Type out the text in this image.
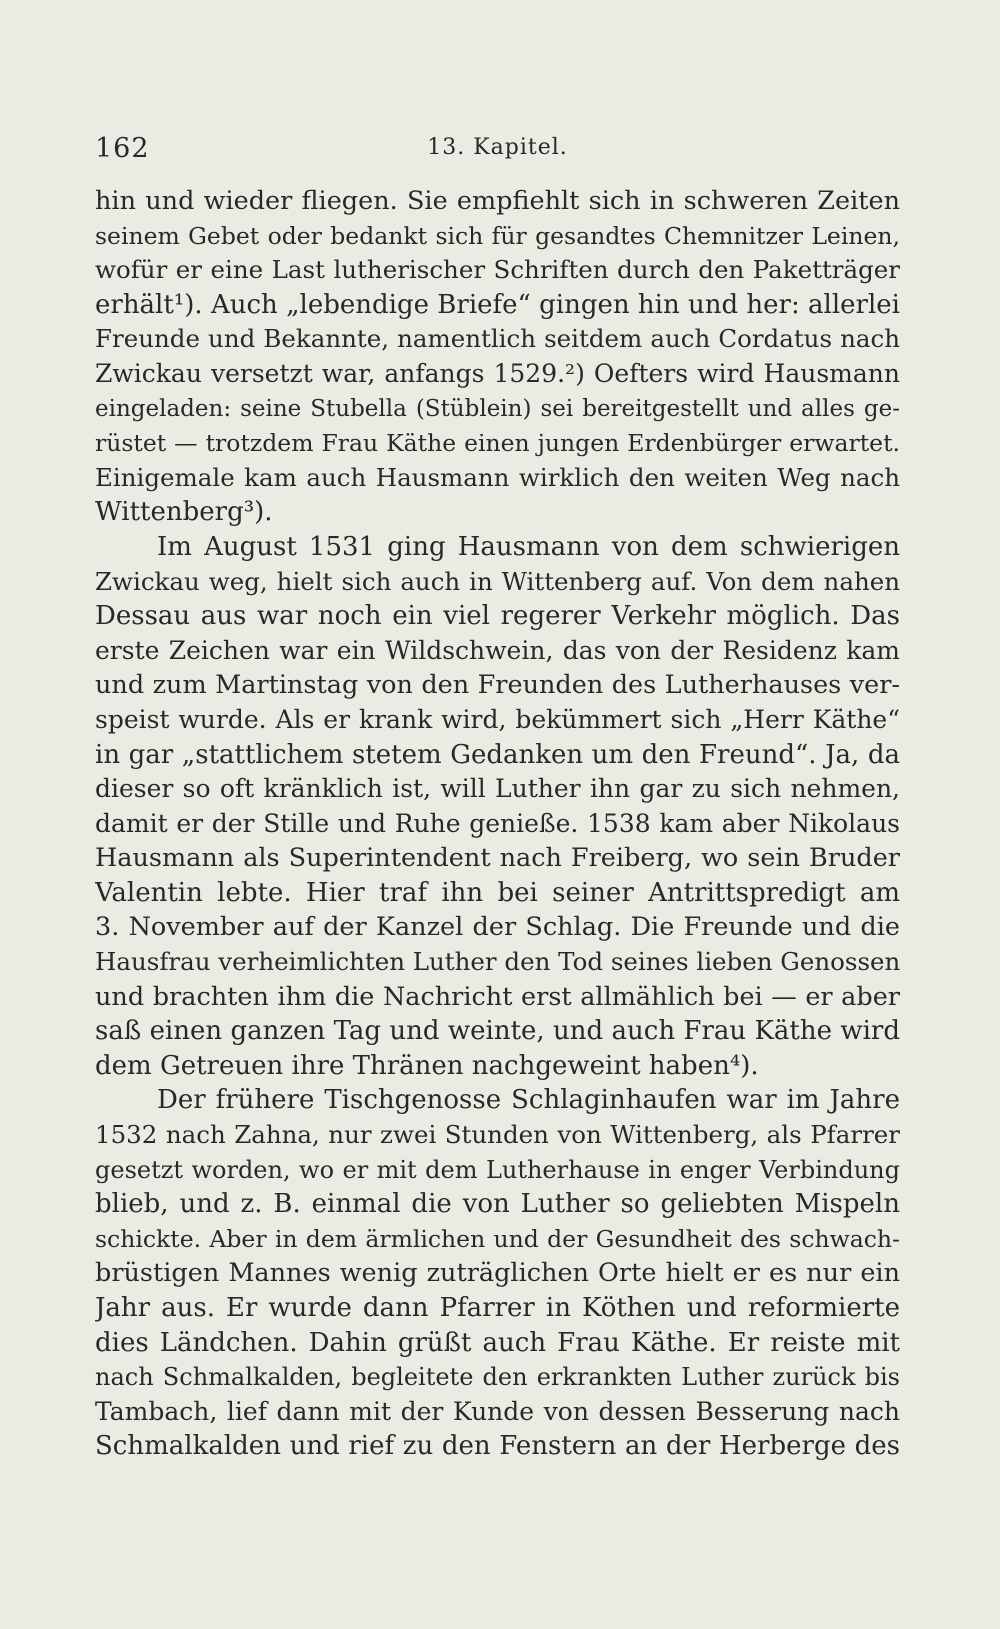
162	13. Kapitel.
hin und wieder fliegen. Sie empfiehlt sich in schweren Zeiten
seinem Gebet oder bedankt sich für gesandtes Chemnitzer Leinen,
wofür er eine Last lutherischer Schriften durch den Paketträger
erhält¹). Auch „lebendige Briefe“ gingen hin und her: allerlei
Freunde und Bekannte, namentlich seitdem auch Cordatus nach
Zwickau versetzt war, anfangs 1529.²) Oefters wird Hausmann
eingeladen: seine Stubella (Stüblein) sei bereitgestellt und alles ge-
rüstet — trotzdem Frau Käthe einen jungen Erdenbürger erwartet.
Einigemale kam auch Hausmann wirklich den weiten Weg nach
Wittenberg³).
Im August 1531 ging Hausmann von dem schwierigen
Zwickau weg, hielt sich auch in Wittenberg auf. Von dem nahen
Dessau aus war noch ein viel regerer Verkehr möglich. Das
erste Zeichen war ein Wildschwein, das von der Residenz kam
und zum Martinstag von den Freunden des Lutherhauses ver-
speist wurde. Als er krank wird, bekümmert sich „Herr Käthe“
in gar „stattlichem stetem Gedanken um den Freund“. Ja, da
dieser so oft kränklich ist, will Luther ihn gar zu sich nehmen,
damit er der Stille und Ruhe genieße. 1538 kam aber Nikolaus
Hausmann als Superintendent nach Freiberg, wo sein Bruder
Valentin lebte. Hier traf ihn bei seiner Antrittspredigt am
3. November auf der Kanzel der Schlag. Die Freunde und die
Hausfrau verheimlichten Luther den Tod seines lieben Genossen
und brachten ihm die Nachricht erst allmählich bei — er aber
saß einen ganzen Tag und weinte, und auch Frau Käthe wird
dem Getreuen ihre Thränen nachgeweint haben⁴).
Der frühere Tischgenosse Schlaginhaufen war im Jahre
1532 nach Zahna, nur zwei Stunden von Wittenberg, als Pfarrer
gesetzt worden, wo er mit dem Lutherhause in enger Verbindung
blieb, und z. B. einmal die von Luther so geliebten Mispeln
schickte. Aber in dem ärmlichen und der Gesundheit des schwach-
brüstigen Mannes wenig zuträglichen Orte hielt er es nur ein
Jahr aus. Er wurde dann Pfarrer in Köthen und reformierte
dies Ländchen. Dahin grüßt auch Frau Käthe. Er reiste mit
nach Schmalkalden, begleitete den erkrankten Luther zurück bis
Tambach, lief dann mit der Kunde von dessen Besserung nach
Schmalkalden und rief zu den Fenstern an der Herberge des
